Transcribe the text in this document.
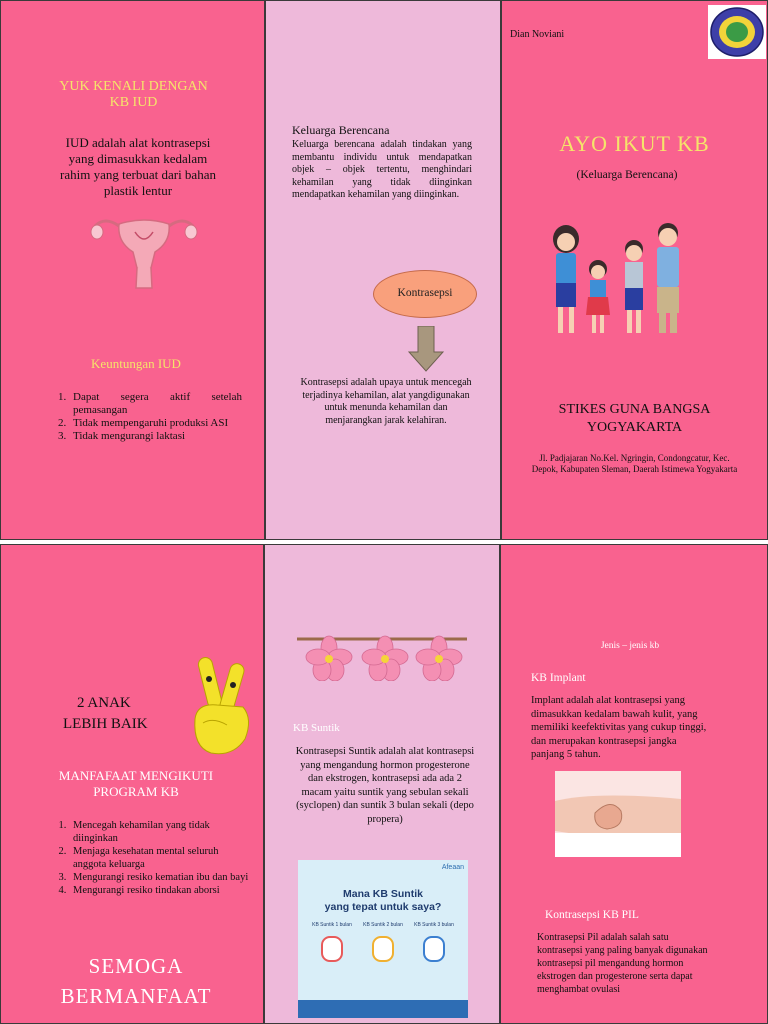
YUK KENALI DENGAN
KB IUD
IUD adalah alat kontrasepsi yang dimasukkan kedalam rahim yang terbuat dari bahan plastik lentur
Keuntungan IUD
1. Dapat segera aktif setelah pemasangan
2. Tidak mempengaruhi produksi ASI
3. Tidak mengurangi laktasi
Keluarga Berencana
Keluarga berencana adalah tindakan yang membantu individu untuk mendapatkan objek – objek tertentu, menghindari kehamilan yang tidak diinginkan mendapatkan kehamilan yang diinginkan.
Kontrasepsi
Kontrasepsi adalah upaya untuk mencegah terjadinya kehamilan, alat yangdigunakan untuk menunda kehamilan dan menjarangkan jarak kelahiran.
Dian Noviani
AYO IKUT KB
(Keluarga Berencana)
STIKES GUNA BANGSA
YOGYAKARTA
Jl. Padjajaran No.Kel. Ngringin, Condongcatur, Kec. Depok, Kabupaten Sleman, Daerah Istimewa Yogyakarta
2 ANAK
LEBIH BAIK
MANFAFAAT MENGIKUTI
PROGRAM KB
1. Mencegah kehamilan yang tidak diinginkan
2. Menjaga kesehatan mental seluruh anggota keluarga
3. Mengurangi resiko kematian ibu dan bayi
4. Mengurangi resiko tindakan aborsi
SEMOGA
BERMANFAAT
KB Suntik
Kontrasepsi Suntik adalah alat kontrasepsi yang mengandung hormon progesterone dan ekstrogen, kontrasepsi ada ada 2 macam yaitu suntik yang sebulan sekali (syclopen) dan suntik 3 bulan sekali (depo propera)
Afeaan
Mana KB Suntik
yang tepat untuk saya?
KB Suntik 1 bulan KB Suntik 2 bulan KB Suntik 3 bulan
Jenis – jenis kb
KB Implant
Implant adalah alat kontrasepsi yang dimasukkan kedalam bawah kulit, yang memiliki keefektivitas yang cukup tinggi, dan merupakan kontrasepsi jangka panjang 5 tahun.
Kontrasepsi KB PIL
Kontrasepsi Pil adalah salah satu kontrasepsi yang paling banyak digunakan kontrasepsi pil mengandung hormon ekstrogen dan progesterone serta dapat menghambat ovulasi
